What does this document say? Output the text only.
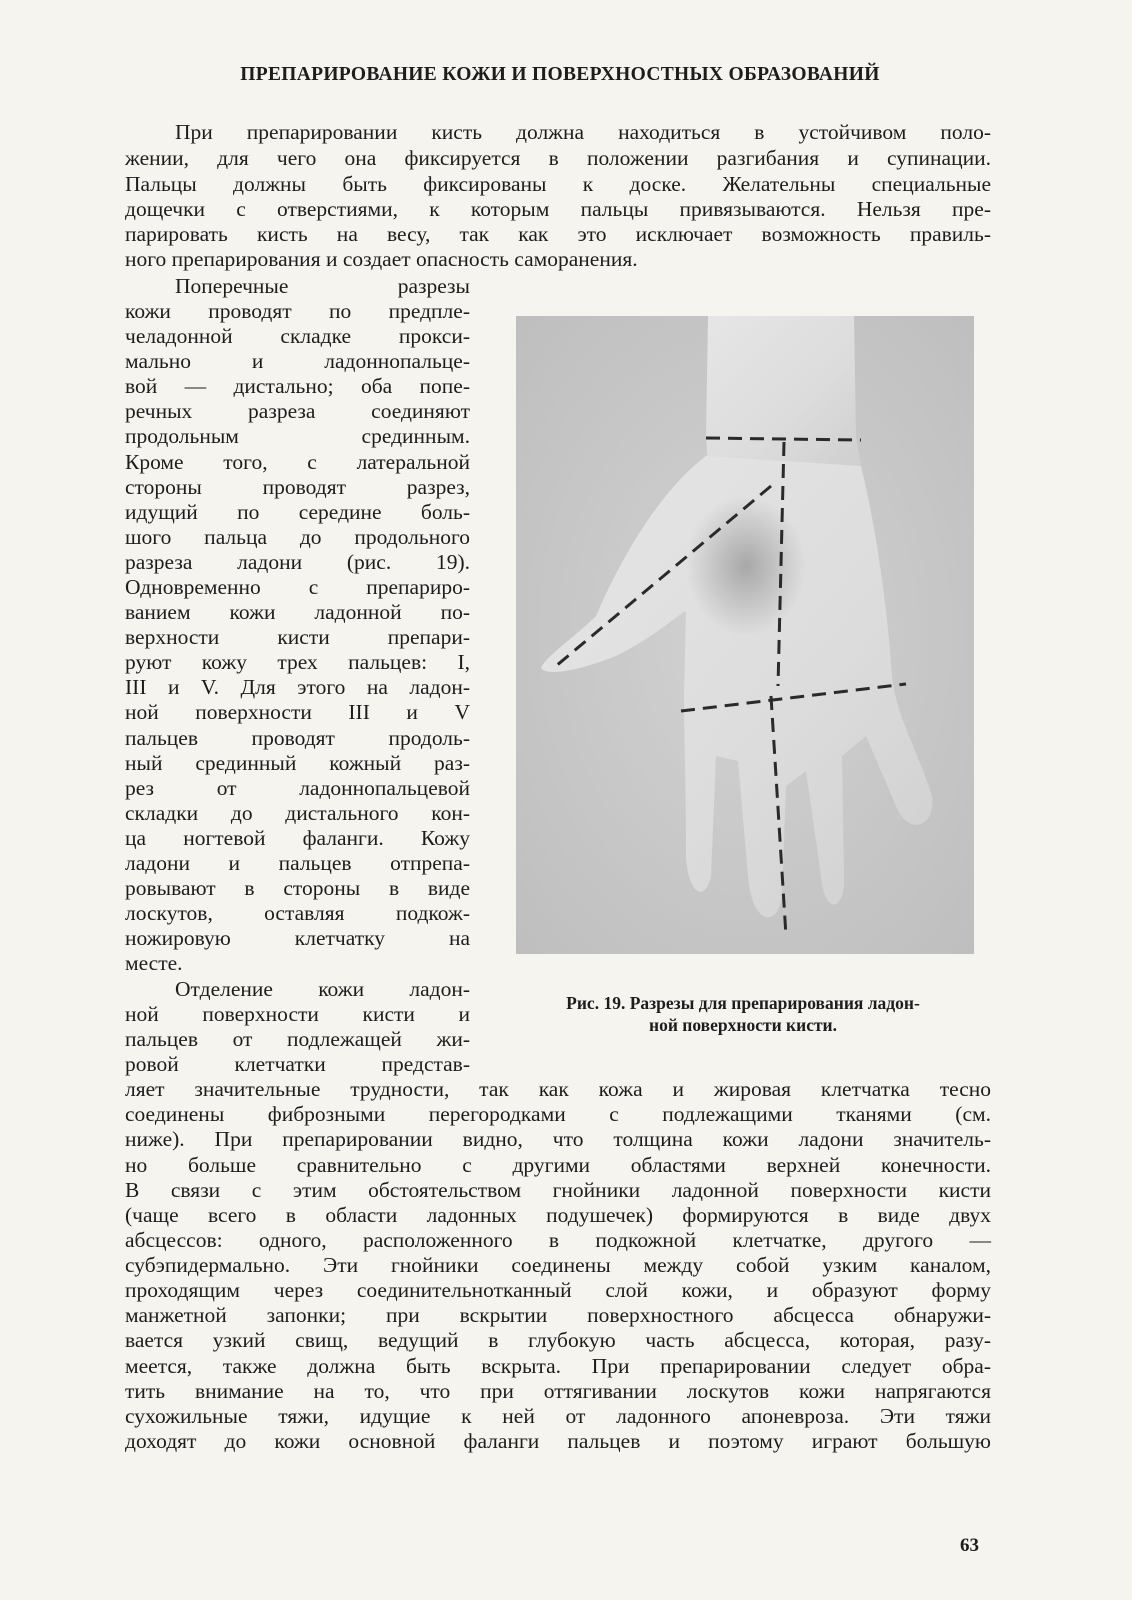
ПРЕПАРИРОВАНИЕ КОЖИ И ПОВЕРХНОСТНЫХ ОБРАЗОВАНИЙ
При препарировании кисть должна находиться в устойчивом поло-
жении, для чего она фиксируется в положении разгибания и супинации.
Пальцы должны быть фиксированы к доске. Желательны специальные
дощечки с отверстиями, к которым пальцы привязываются. Нельзя пре-
парировать кисть на весу, так как это исключает возможность правиль-
ного препарирования и создает опасность саморанения.
Поперечные разрезы
кожи проводят по предпле-
челадонной складке прокси-
мально и ладоннопальце-
вой — дистально; оба попе-
речных разреза соединяют
продольным срединным.
Кроме того, с латеральной
стороны проводят разрез,
идущий по середине боль-
шого пальца до продольного
разреза ладони (рис. 19).
Одновременно с препариро-
ванием кожи ладонной по-
верхности кисти препари-
руют кожу трех пальцев: I,
III и V. Для этого на ладон-
ной поверхности III и V
пальцев проводят продоль-
ный срединный кожный раз-
рез от ладоннопальцевой
складки до дистального кон-
ца ногтевой фаланги. Кожу
ладони и пальцев отпрепа-
ровывают в стороны в виде
лоскутов, оставляя подкож-
ножировую клетчатку на
месте.
Отделение кожи ладон-
ной поверхности кисти и
пальцев от подлежащей жи-
ровой клетчатки представ-
Рис. 19. Разрезы для препарирования ладон-
ной поверхности кисти.
ляет значительные трудности, так как кожа и жировая клетчатка тесно
соединены фиброзными перегородками с подлежащими тканями (см.
ниже). При препарировании видно, что толщина кожи ладони значитель-
но больше сравнительно с другими областями верхней конечности.
В связи с этим обстоятельством гнойники ладонной поверхности кисти
(чаще всего в области ладонных подушечек) формируются в виде двух
абсцессов: одного, расположенного в подкожной клетчатке, другого —
субэпидермально. Эти гнойники соединены между собой узким каналом,
проходящим через соединительнотканный слой кожи, и образуют форму
манжетной запонки; при вскрытии поверхностного абсцесса обнаружи-
вается узкий свищ, ведущий в глубокую часть абсцесса, которая, разу-
меется, также должна быть вскрыта. При препарировании следует обра-
тить внимание на то, что при оттягивании лоскутов кожи напрягаются
сухожильные тяжи, идущие к ней от ладонного апоневроза. Эти тяжи
доходят до кожи основной фаланги пальцев и поэтому играют большую
63
